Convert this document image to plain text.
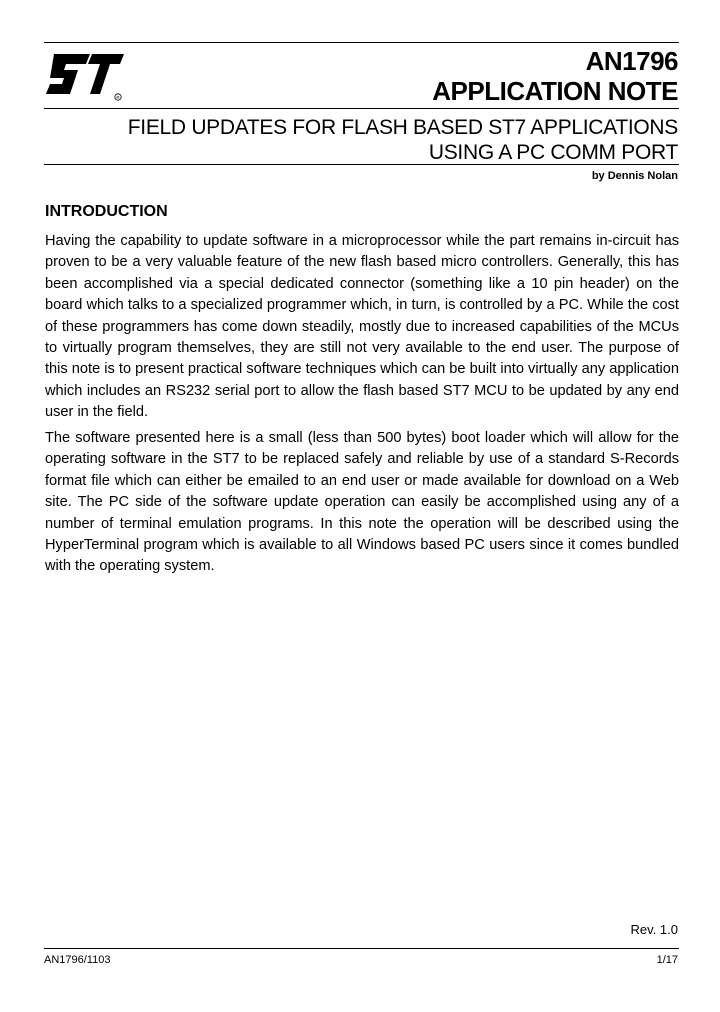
R
AN1796
APPLICATION NOTE
FIELD UPDATES FOR FLASH BASED ST7 APPLICATIONS
USING A PC COMM PORT
by Dennis Nolan
INTRODUCTION
Having the capability to update software in a microprocessor while the part remains in-circuit has proven to be a very valuable feature of the new flash based micro controllers. Generally, this has been accomplished via a special dedicated connector (something like a 10 pin header) on the board which talks to a specialized programmer which, in turn, is controlled by a PC. While the cost of these programmers has come down steadily, mostly due to increased capabilities of the MCUs to virtually program themselves, they are still not very available to the end user. The purpose of this note is to present practical software techniques which can be built into virtually any application which includes an RS232 serial port to allow the flash based ST7 MCU to be updated by any end user in the field.
The software presented here is a small (less than 500 bytes) boot loader which will allow for the operating software in the ST7 to be replaced safely and reliable by use of a standard S-Records format file which can either be emailed to an end user or made available for download on a Web site. The PC side of the software update operation can easily be accomplished using any of a number of terminal emulation programs. In this note the operation will be described using the HyperTerminal program which is available to all Windows based PC users since it comes bundled with the operating system.
Rev. 1.0
AN1796/1103	1/17
